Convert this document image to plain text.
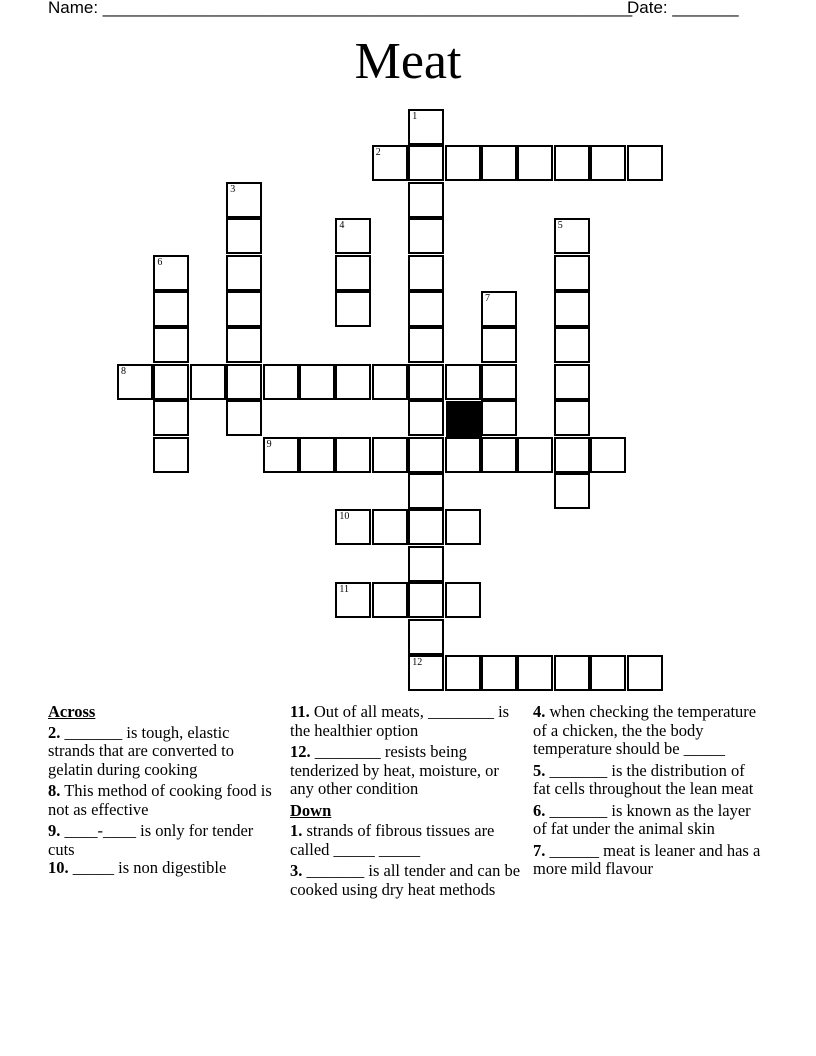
Name: ________________________________________________________
Date: _______
Meat
1
2
3
4	5
6
7
8
9
10
11
12
Across
2. _______ is tough, elastic strands that are converted to gelatin during cooking
8. This method of cooking food is not as effective
9. ____-____ is only for tender cuts
10. _____ is non digestible
11. Out of all meats, ________ is the healthier option
12. ________ resists being tenderized by heat, moisture, or any other condition
Down
1. strands of fibrous tissues are called _____ _____
3. _______ is all tender and can be cooked using dry heat methods
4. when checking the temperature of a chicken, the the body temperature should be _____
5. _______ is the distribution of fat cells throughout the lean meat
6. _______ is known as the layer of fat under the animal skin
7. ______ meat is leaner and has a more mild flavour
